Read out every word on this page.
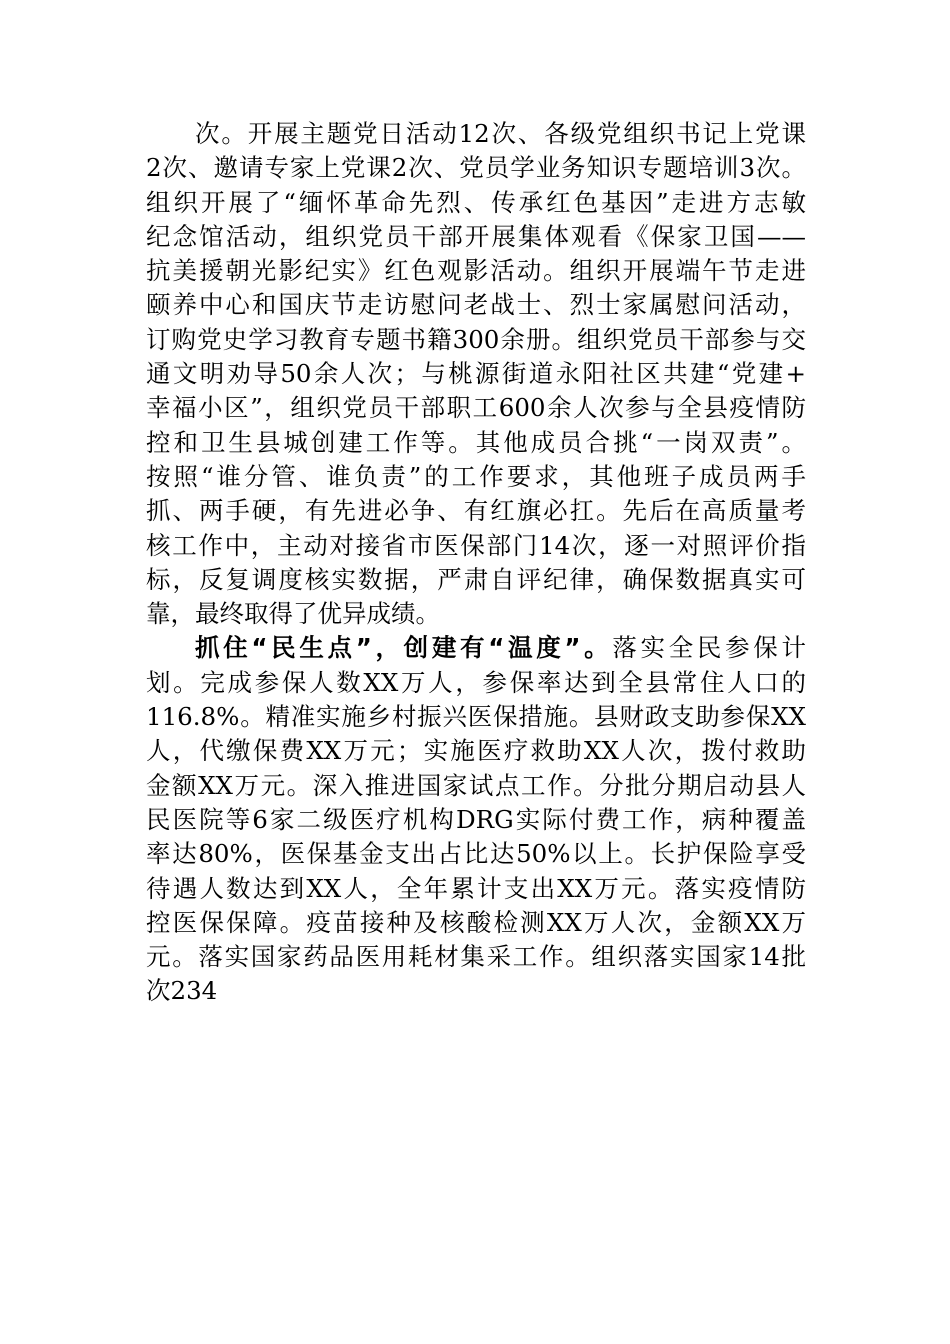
次。开展主题党日活动12次、各级党组织书记上党课
2次、邀请专家上党课2次、党员学业务知识专题培训3次。
组织开展了“缅怀革命先烈、传承红色基因”走进方志敏
纪念馆活动，组织党员干部开展集体观看《保家卫国——
抗美援朝光影纪实》红色观影活动。组织开展端午节走进
颐养中心和国庆节走访慰问老战士、烈士家属慰问活动，
订购党史学习教育专题书籍300余册。组织党员干部参与交
通文明劝导50余人次；与桃源街道永阳社区共建“党建+
幸福小区”，组织党员干部职工600余人次参与全县疫情防
控和卫生县城创建工作等。其他成员合挑“一岗双责”。
按照“谁分管、谁负责”的工作要求，其他班子成员两手
抓、两手硬，有先进必争、有红旗必扛。先后在高质量考
核工作中，主动对接省市医保部门14次，逐一对照评价指
标，反复调度核实数据，严肃自评纪律，确保数据真实可
靠，最终取得了优异成绩。
抓住“民生点”，创建有“温度”。落实全民参保计
划。完成参保人数XX万人，参保率达到全县常住人口的
116.8%。精准实施乡村振兴医保措施。县财政支助参保XX
人，代缴保费XX万元；实施医疗救助XX人次，拨付救助
金额XX万元。深入推进国家试点工作。分批分期启动县人
民医院等6家二级医疗机构DRG实际付费工作，病种覆盖
率达80%，医保基金支出占比达50%以上。长护保险享受
待遇人数达到XX人，全年累计支出XX万元。落实疫情防
控医保保障。疫苗接种及核酸检测XX万人次，金额XX万
元。落实国家药品医用耗材集采工作。组织落实国家14批
次234
